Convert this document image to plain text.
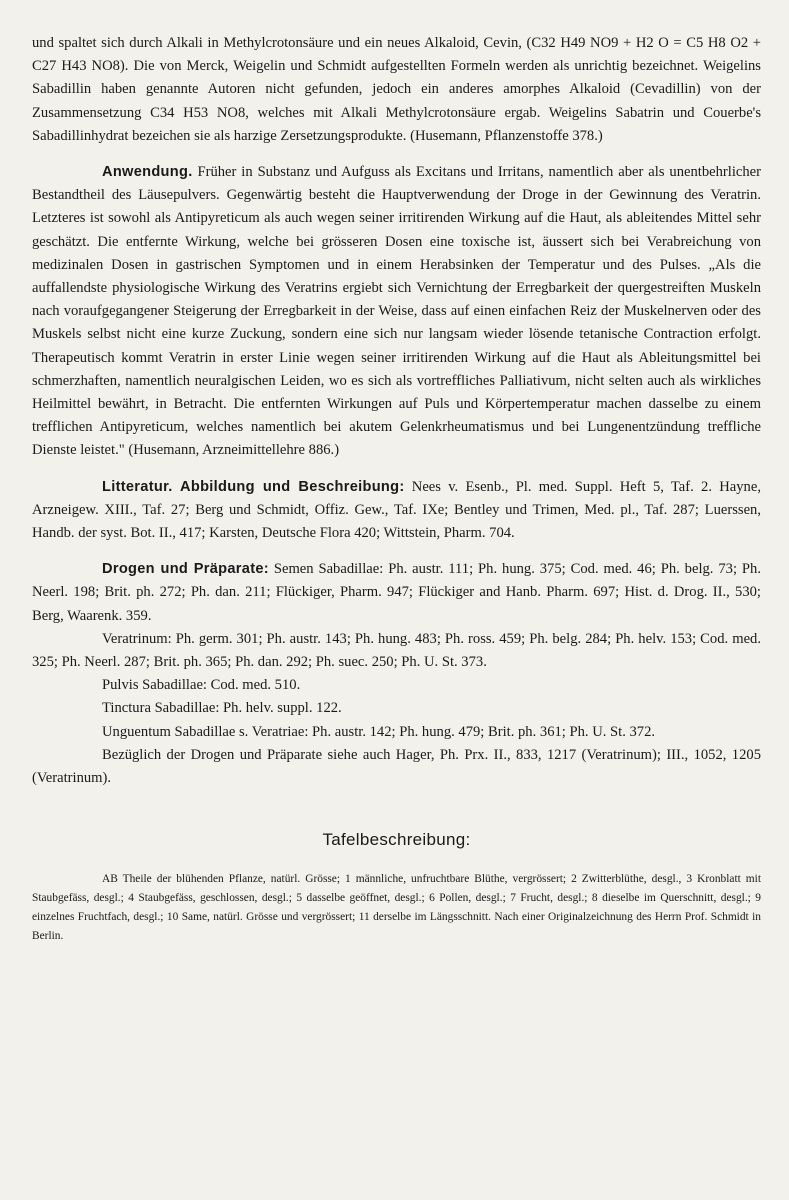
und spaltet sich durch Alkali in Methylcrotonsäure und ein neues Alkaloid, Cevin, (C32 H49 NO9 + H2 O = C5 H8 O2 + C27 H43 NO8). Die von Merck, Weigelin und Schmidt aufgestellten Formeln werden als unrichtig bezeichnet. Weigelins Sabadillin haben genannte Autoren nicht gefunden, jedoch ein anderes amorphes Alkaloid (Cevadillin) von der Zusammensetzung C34 H53 NO8, welches mit Alkali Methylcrotonsäure ergab. Weigelins Sabatrin und Couerbe's Sabadillinhydrat bezeichen sie als harzige Zersetzungsprodukte. (Husemann, Pflanzenstoffe 378.)

Anwendung. Früher in Substanz und Aufguss als Excitans und Irritans, namentlich aber als unentbehrlicher Bestandtheil des Läusepulvers. Gegenwärtig besteht die Hauptverwendung der Droge in der Gewinnung des Veratrin. Letzteres ist sowohl als Antipyreticum als auch wegen seiner irritirenden Wirkung auf die Haut, als ableitendes Mittel sehr geschätzt. Die entfernte Wirkung, welche bei grösseren Dosen eine toxische ist, äussert sich bei Verabreichung von medizinalen Dosen in gastrischen Symptomen und in einem Herabsinken der Temperatur und des Pulses. „Als die auffallendste physiologische Wirkung des Veratrins ergiebt sich Vernichtung der Erregbarkeit der quergestreiften Muskeln nach voraufgegangener Steigerung der Erregbarkeit in der Weise, dass auf einen einfachen Reiz der Muskelnerven oder des Muskels selbst nicht eine kurze Zuckung, sondern eine sich nur langsam wieder lösende tetanische Contraction erfolgt. Therapeutisch kommt Veratrin in erster Linie wegen seiner irritirenden Wirkung auf die Haut als Ableitungsmittel bei schmerzhaften, namentlich neuralgischen Leiden, wo es sich als vortreffliches Palliativum, nicht selten auch als wirkliches Heilmittel bewährt, in Betracht. Die entfernten Wirkungen auf Puls und Körpertemperatur machen dasselbe zu einem trefflichen Antipyreticum, welches namentlich bei akutem Gelenkrheumatismus und bei Lungenentzündung treffliche Dienste leistet." (Husemann, Arzneimittellehre 886.)

Litteratur. Abbildung und Beschreibung: Nees v. Esenb., Pl. med. Suppl. Heft 5, Taf. 2. Hayne, Arzneigew. XIII., Taf. 27; Berg und Schmidt, Offiz. Gew., Taf. IXe; Bentley und Trimen, Med. pl., Taf. 287; Luerssen, Handb. der syst. Bot. II., 417; Karsten, Deutsche Flora 420; Wittstein, Pharm. 704.

Drogen und Präparate: Semen Sabadillae: Ph. austr. 111; Ph. hung. 375; Cod. med. 46; Ph. belg. 73; Ph. Neerl. 198; Brit. ph. 272; Ph. dan. 211; Flückiger, Pharm. 947; Flückiger and Hanb. Pharm. 697; Hist. d. Drog. II., 530; Berg, Waarenk. 359.

Veratrinum: Ph. germ. 301; Ph. austr. 143; Ph. hung. 483; Ph. ross. 459; Ph. belg. 284; Ph. helv. 153; Cod. med. 325; Ph. Neerl. 287; Brit. ph. 365; Ph. dan. 292; Ph. suec. 250; Ph. U. St. 373.

Pulvis Sabadillae: Cod. med. 510.

Tinctura Sabadillae: Ph. helv. suppl. 122.

Unguentum Sabadillae s. Veratriae: Ph. austr. 142; Ph. hung. 479; Brit. ph. 361; Ph. U. St. 372.

Bezüglich der Drogen und Präparate siehe auch Hager, Ph. Prx. II., 833, 1217 (Veratrinum); III., 1052, 1205 (Veratrinum).

Tafelbeschreibung:

AB Theile der blühenden Pflanze, natürl. Grösse; 1 männliche, unfruchtbare Blüthe, vergrössert; 2 Zwitterblüthe, desgl., 3 Kronblatt mit Staubgefäss, desgl.; 4 Staubgefäss, geschlossen, desgl.; 5 dasselbe geöffnet, desgl.; 6 Pollen, desgl.; 7 Frucht, desgl.; 8 dieselbe im Querschnitt, desgl.; 9 einzelnes Fruchtfach, desgl.; 10 Same, natürl. Grösse und vergrössert; 11 derselbe im Längsschnitt. Nach einer Originalzeichnung des Herrn Prof. Schmidt in Berlin.
